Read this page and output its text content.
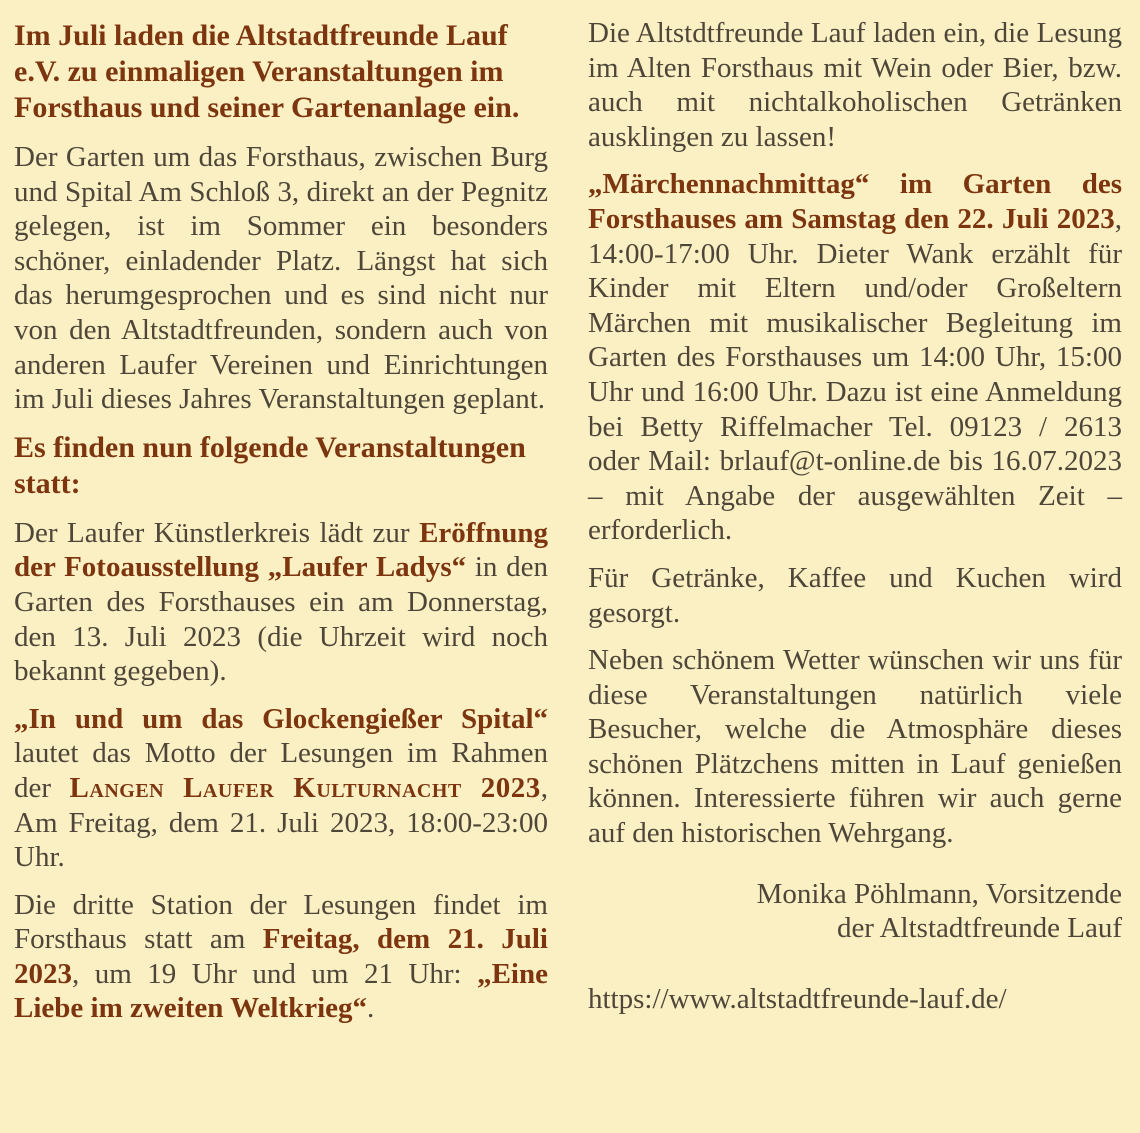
Im Juli laden die Altstadtfreunde Lauf e.V. zu einmaligen Veranstaltungen im Forsthaus und seiner Gartenanlage ein.

Der Garten um das Forsthaus, zwischen Burg und Spital Am Schloß 3, direkt an der Pegnitz gelegen, ist im Sommer ein besonders schöner, einladender Platz. Längst hat sich das herumgesprochen und es sind nicht nur von den Altstadtfreunden, sondern auch von anderen Laufer Vereinen und Einrichtungen im Juli dieses Jahres Veranstaltungen geplant.

Es finden nun folgende Veranstaltungen statt:

Der Laufer Künstlerkreis lädt zur Eröffnung der Fotoausstellung „Laufer Ladys“ in den Garten des Forsthauses ein am Donnerstag, den 13. Juli 2023 (die Uhrzeit wird noch bekannt gegeben).

„In und um das Glockengießer Spital“ lautet das Motto der Lesungen im Rahmen der Langen Laufer Kulturnacht 2023, Am Freitag, dem 21. Juli 2023, 18:00-23:00 Uhr.

Die dritte Station der Lesungen findet im Forsthaus statt am Freitag, dem 21. Juli 2023, um 19 Uhr und um 21 Uhr: „Eine Liebe im zweiten Weltkrieg“.

Die Altstdtfreunde Lauf laden ein, die Lesung im Alten Forsthaus mit Wein oder Bier, bzw. auch mit nichtalkoholischen Getränken ausklingen zu lassen!

„Märchennachmittag“ im Garten des Forsthauses am Samstag den 22. Juli 2023, 14:00-17:00 Uhr. Dieter Wank erzählt für Kinder mit Eltern und/oder Großeltern Märchen mit musikalischer Begleitung im Garten des Forsthauses um 14:00 Uhr, 15:00 Uhr und 16:00 Uhr. Dazu ist eine Anmeldung bei Betty Riffelmacher Tel. 09123 / 2613 oder Mail: brlauf@t-online.de bis 16.07.2023 – mit Angabe der ausgewählten Zeit – erforderlich.

Für Getränke, Kaffee und Kuchen wird gesorgt.

Neben schönem Wetter wünschen wir uns für diese Veranstaltungen natürlich viele Besucher, welche die Atmosphäre dieses schönen Plätzchens mitten in Lauf genießen können. Interessierte führen wir auch gerne auf den historischen Wehrgang.

Monika Pöhlmann, Vorsitzende

der Altstadtfreunde Lauf

https://www.altstadtfreunde-lauf.de/
